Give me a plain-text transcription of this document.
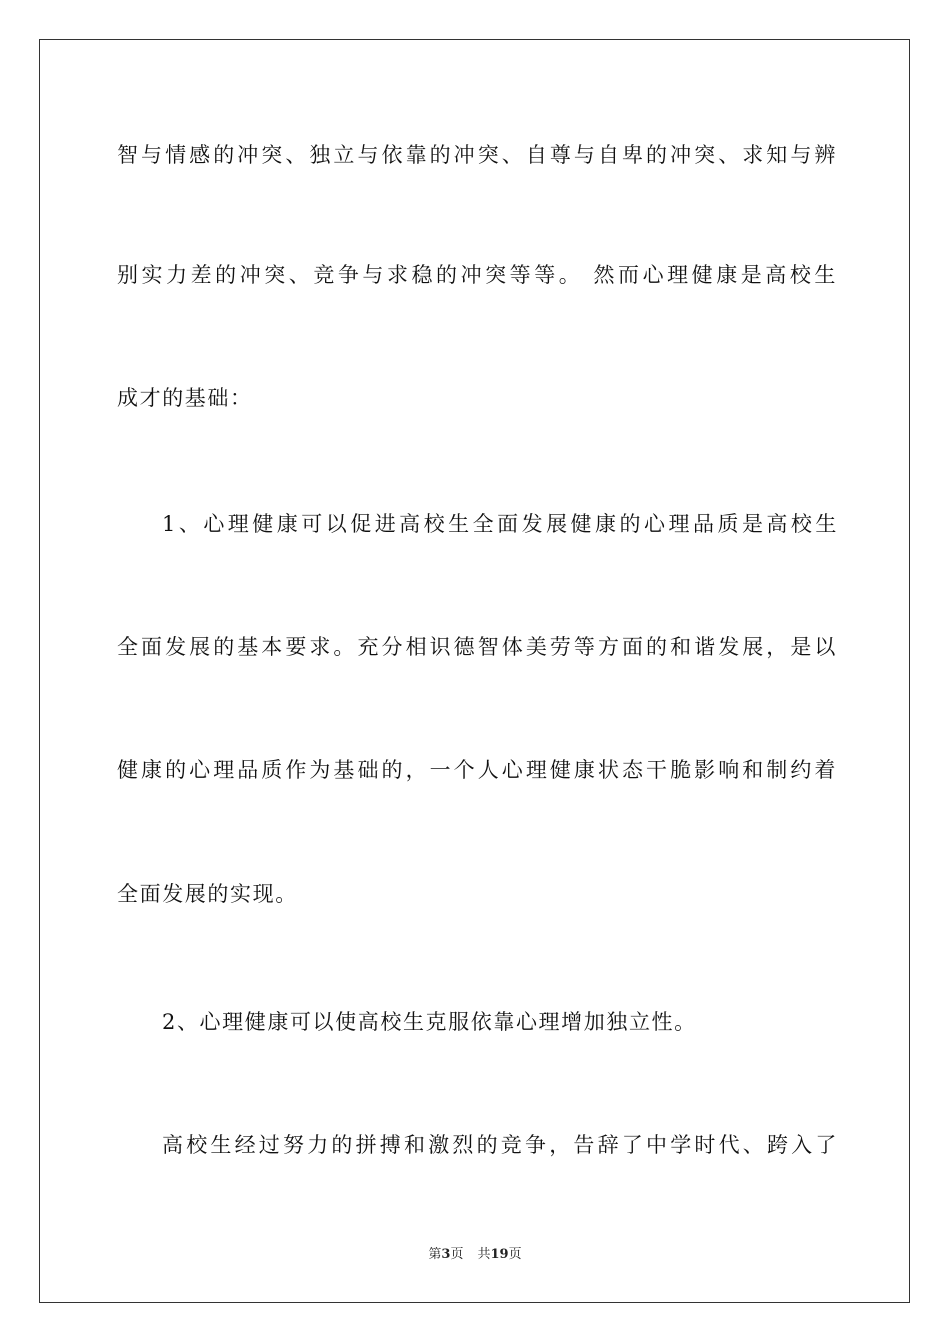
智与情感的冲突、独立与依靠的冲突、自尊与自卑的冲突、求知与辨
别实力差的冲突、竞争与求稳的冲突等等。 然而心理健康是高校生
成才的基础：
1、心理健康可以促进高校生全面发展健康的心理品质是高校生
全面发展的基本要求。充分相识德智体美劳等方面的和谐发展，是以
健康的心理品质作为基础的，一个人心理健康状态干脆影响和制约着
全面发展的实现。
2、心理健康可以使高校生克服依靠心理增加独立性。
高校生经过努力的拼搏和激烈的竞争，告辞了中学时代、跨入了
第3页 共19页
